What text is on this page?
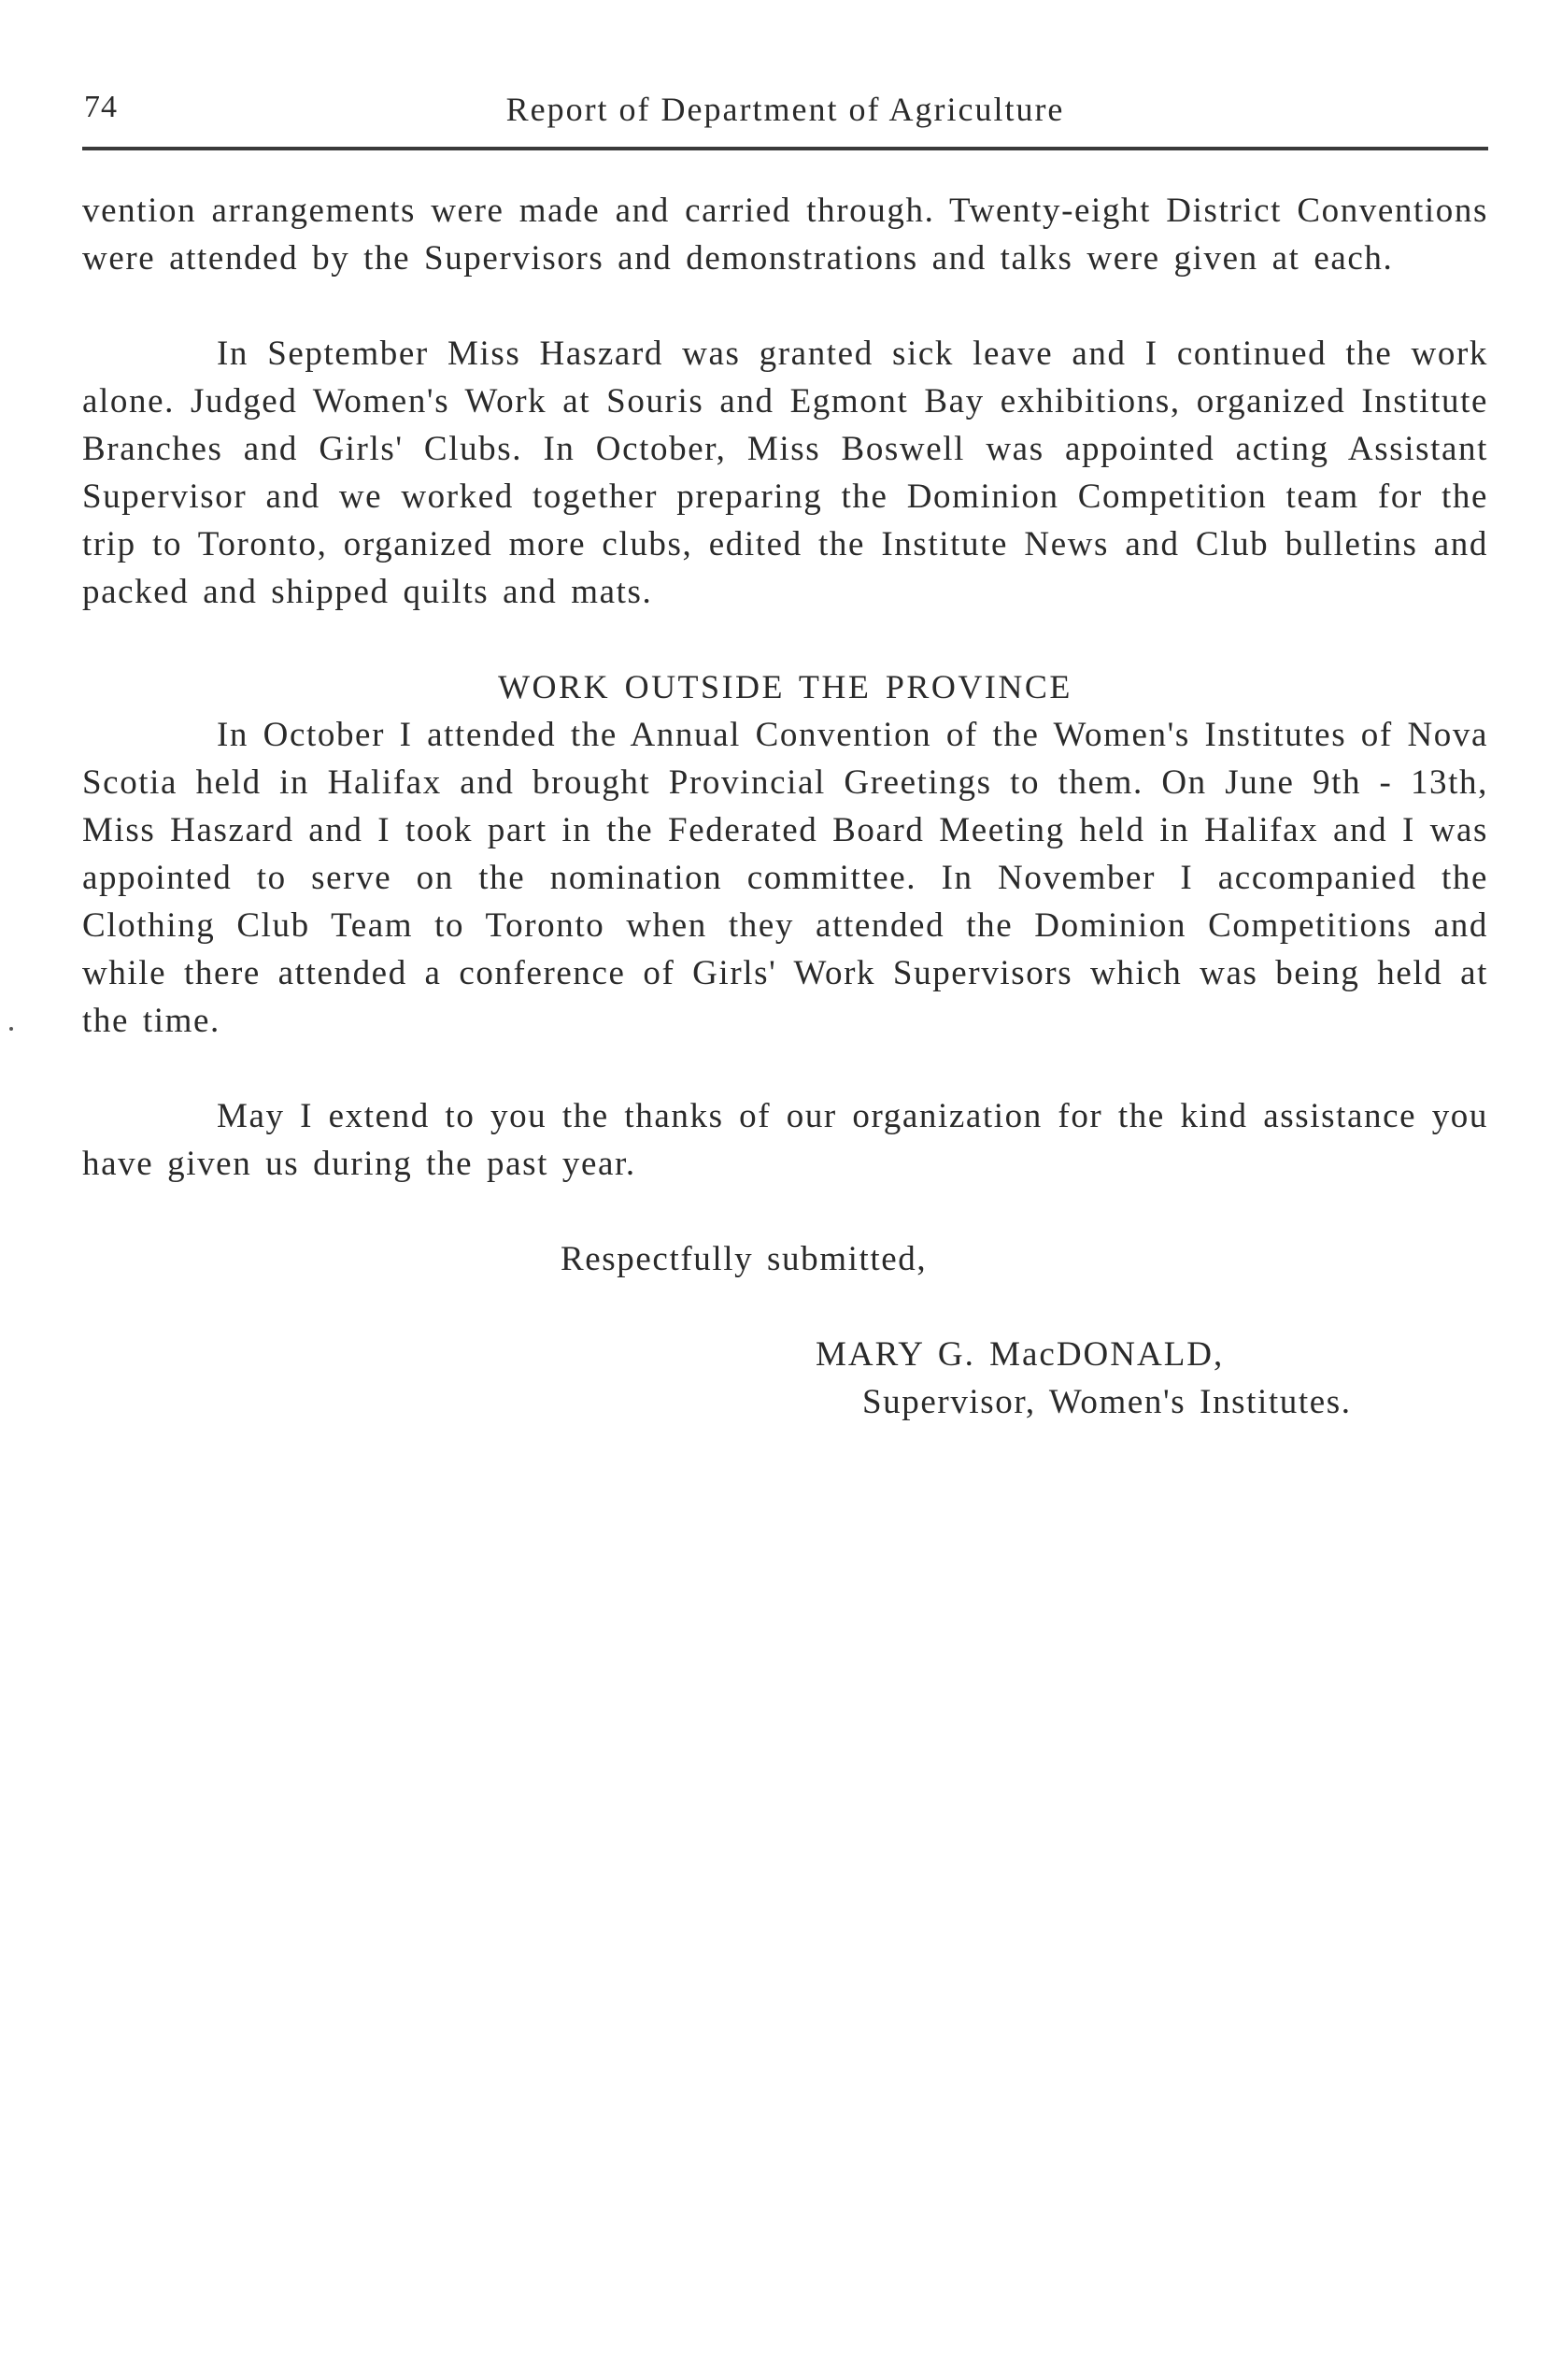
74	Report of Department of Agriculture

vention arrangements were made and carried through. Twenty-eight District Conventions were attended by the Supervisors and demonstrations and talks were given at each.

In September Miss Haszard was granted sick leave and I continued the work alone. Judged Women's Work at Souris and Egmont Bay exhibitions, organized Institute Branches and Girls' Clubs. In October, Miss Boswell was appointed acting Assistant Supervisor and we worked together preparing the Dominion Competition team for the trip to Toronto, organized more clubs, edited the Institute News and Club bulletins and packed and shipped quilts and mats.

WORK OUTSIDE THE PROVINCE

In October I attended the Annual Convention of the Women's Institutes of Nova Scotia held in Halifax and brought Provincial Greetings to them. On June 9th - 13th, Miss Haszard and I took part in the Federated Board Meeting held in Halifax and I was appointed to serve on the nomination committee. In November I accompanied the Clothing Club Team to Toronto when they attended the Dominion Competitions and while there attended a conference of Girls' Work Supervisors which was being held at the time.

May I extend to you the thanks of our organization for the kind assistance you have given us during the past year.

Respectfully submitted,

MARY G. MacDONALD,

Supervisor, Women's Institutes.
